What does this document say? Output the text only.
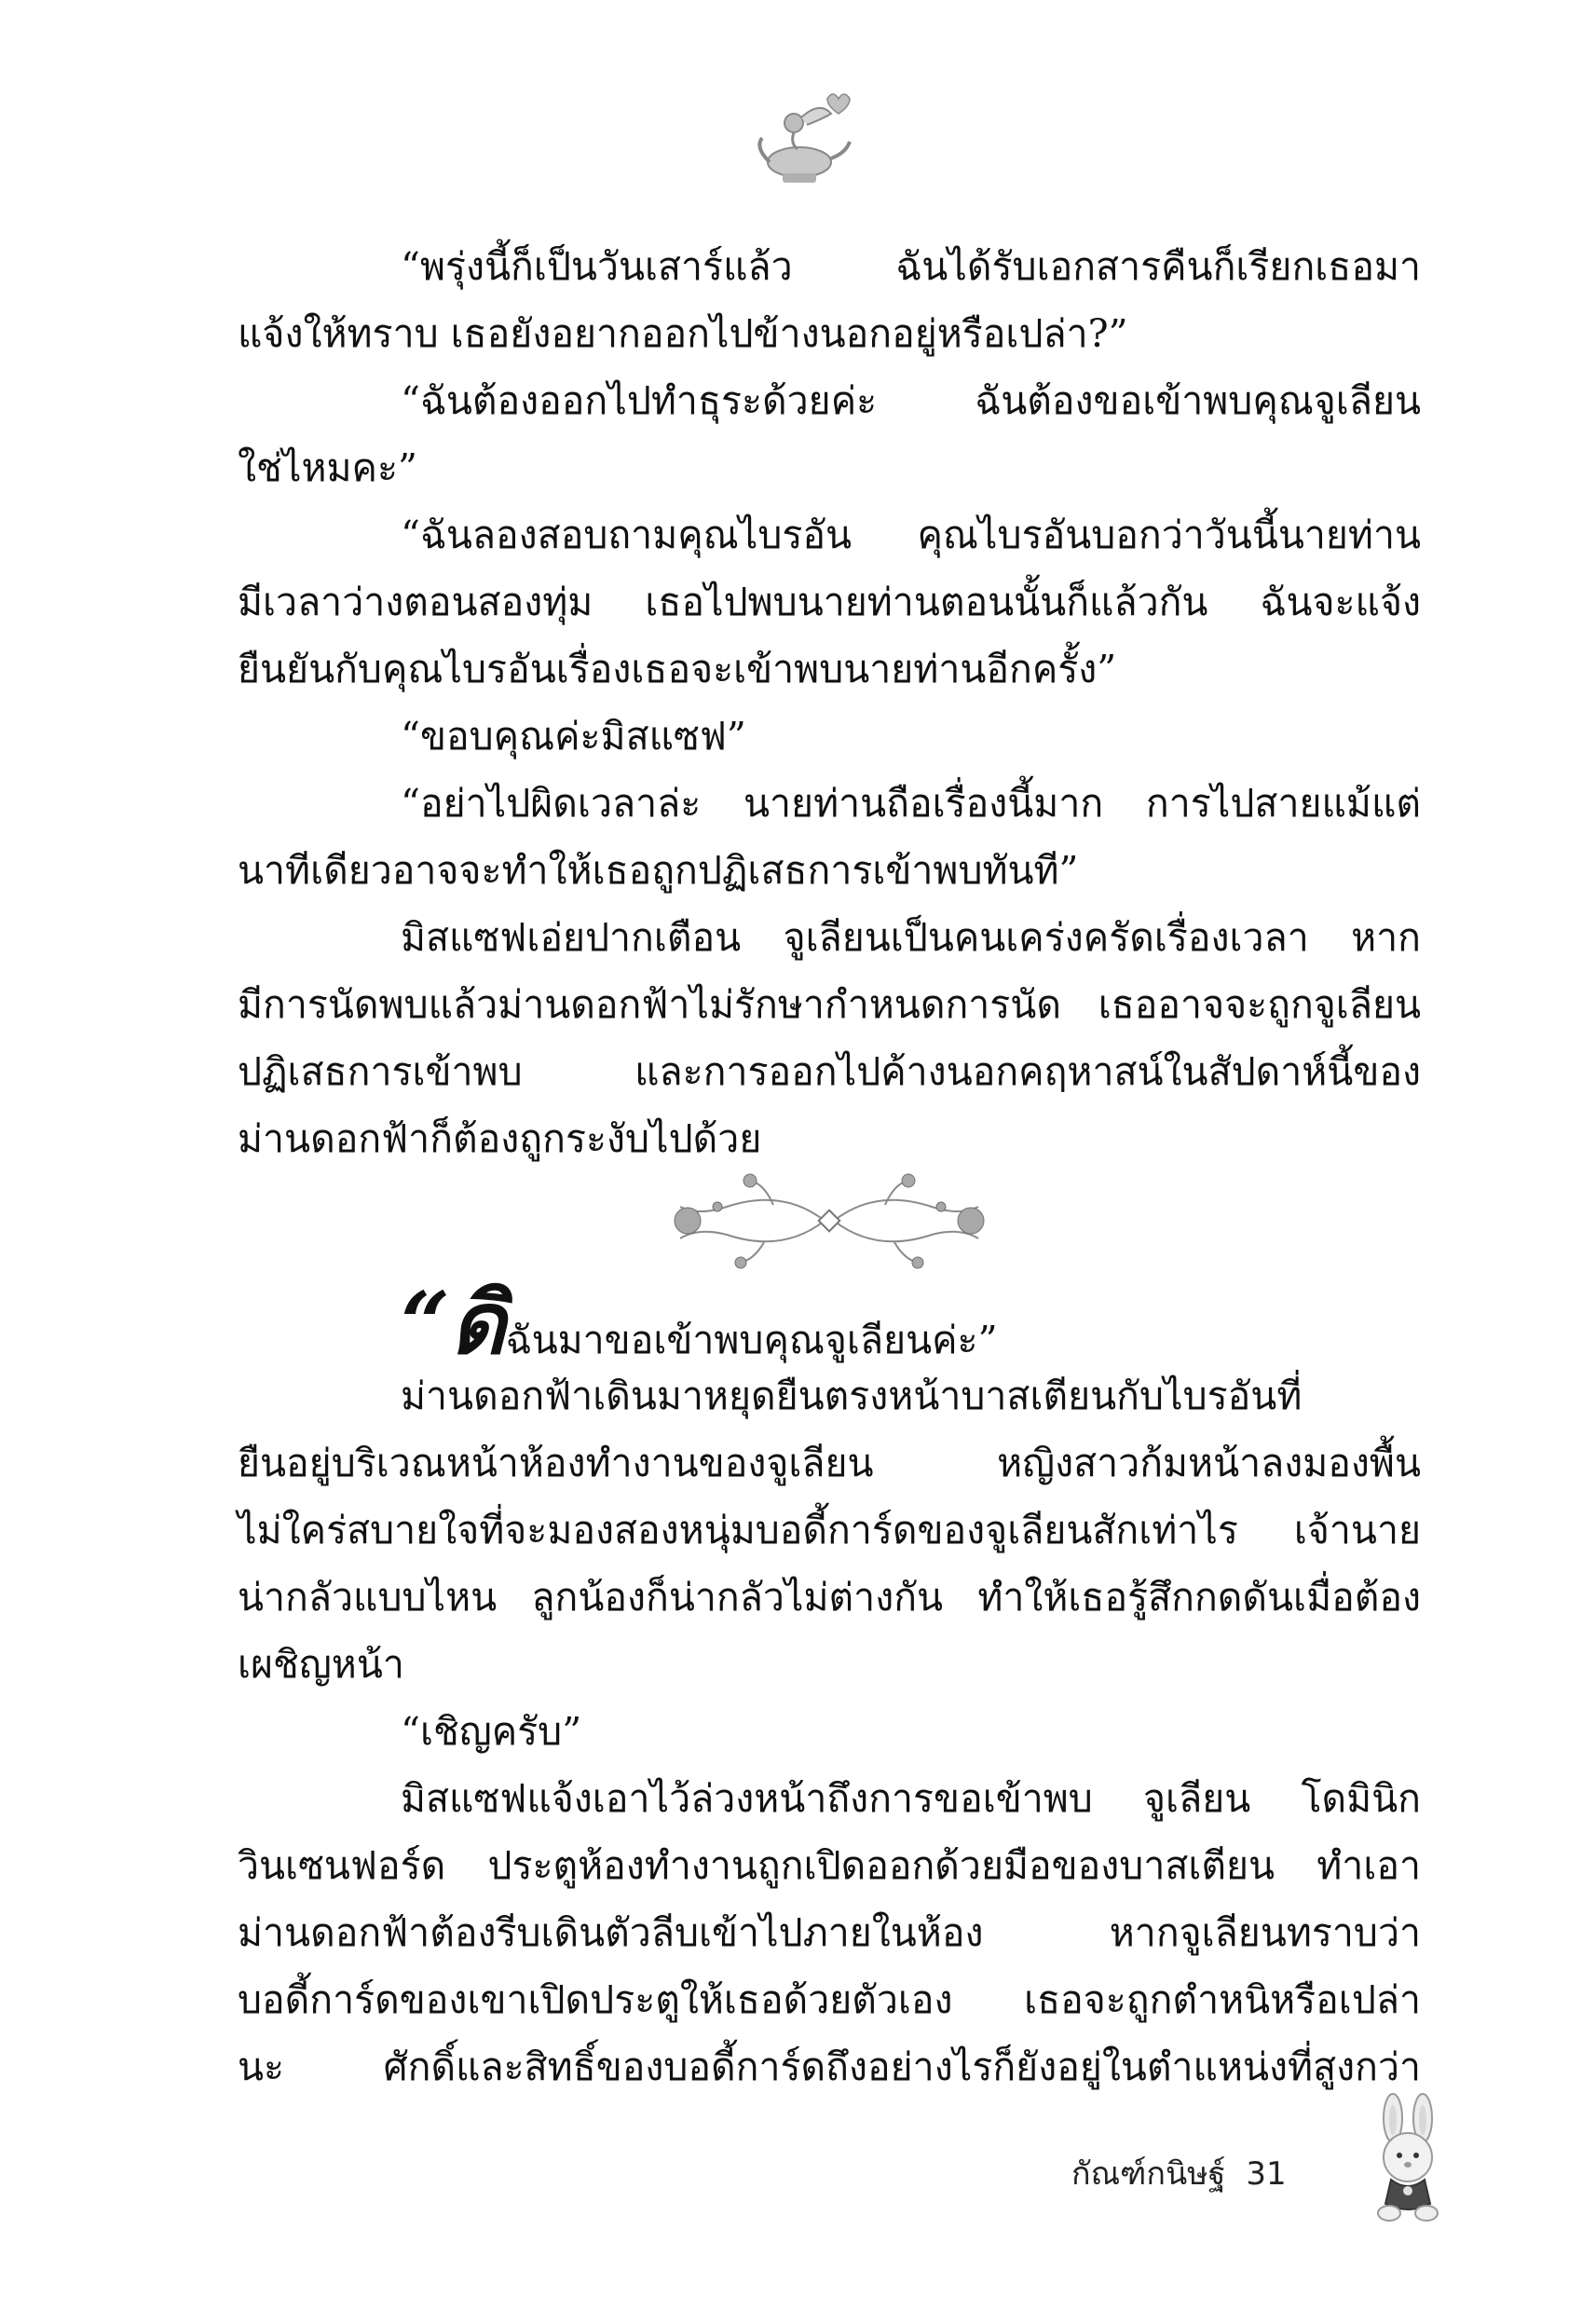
“พรุ่งนี้ก็เป็นวันเสาร์แล้ว ฉันได้รับเอกสารคืนก็เรียกเธอมา
แจ้งให้ทราบ เธอยังอยากออกไปข้างนอกอยู่หรือเปล่า?”
“ฉันต้องออกไปทำธุระด้วยค่ะ ฉันต้องขอเข้าพบคุณจูเลียน
ใช่ไหมคะ”
“ฉันลองสอบถามคุณไบรอัน คุณไบรอันบอกว่าวันนี้นายท่าน
มีเวลาว่างตอนสองทุ่ม เธอไปพบนายท่านตอนนั้นก็แล้วกัน ฉันจะแจ้ง
ยืนยันกับคุณไบรอันเรื่องเธอจะเข้าพบนายท่านอีกครั้ง”
“ขอบคุณค่ะมิสแซฟ”
“อย่าไปผิดเวลาล่ะ นายท่านถือเรื่องนี้มาก การไปสายแม้แต่
นาทีเดียวอาจจะทำให้เธอถูกปฏิเสธการเข้าพบทันที”
มิสแซฟเอ่ยปากเตือน จูเลียนเป็นคนเคร่งครัดเรื่องเวลา หาก
มีการนัดพบแล้วม่านดอกฟ้าไม่รักษากำหนดการนัด เธออาจจะถูกจูเลียน
ปฏิเสธการเข้าพบ และการออกไปค้างนอกคฤหาสน์ในสัปดาห์นี้ของ
ม่านดอกฟ้าก็ต้องถูกระงับไปด้วย
“ดิฉันมาขอเข้าพบคุณจูเลียนค่ะ”
ม่านดอกฟ้าเดินมาหยุดยืนตรงหน้าบาสเตียนกับไบรอันที่
ยืนอยู่บริเวณหน้าห้องทำงานของจูเลียน หญิงสาวก้มหน้าลงมองพื้น
ไม่ใคร่สบายใจที่จะมองสองหนุ่มบอดี้การ์ดของจูเลียนสักเท่าไร เจ้านาย
น่ากลัวแบบไหน ลูกน้องก็น่ากลัวไม่ต่างกัน ทำให้เธอรู้สึกกดดันเมื่อต้อง
เผชิญหน้า
“เชิญครับ”
มิสแซฟแจ้งเอาไว้ล่วงหน้าถึงการขอเข้าพบ จูเลียน โดมินิก
วินเซนฟอร์ด ประตูห้องทำงานถูกเปิดออกด้วยมือของบาสเตียน ทำเอา
ม่านดอกฟ้าต้องรีบเดินตัวลีบเข้าไปภายในห้อง หากจูเลียนทราบว่า
บอดี้การ์ดของเขาเปิดประตูให้เธอด้วยตัวเอง เธอจะถูกตำหนิหรือเปล่า
นะ ศักดิ์และสิทธิ์ของบอดี้การ์ดถึงอย่างไรก็ยังอยู่ในตำแหน่งที่สูงกว่า
กัณฑ์กนิษฐ์ 31
